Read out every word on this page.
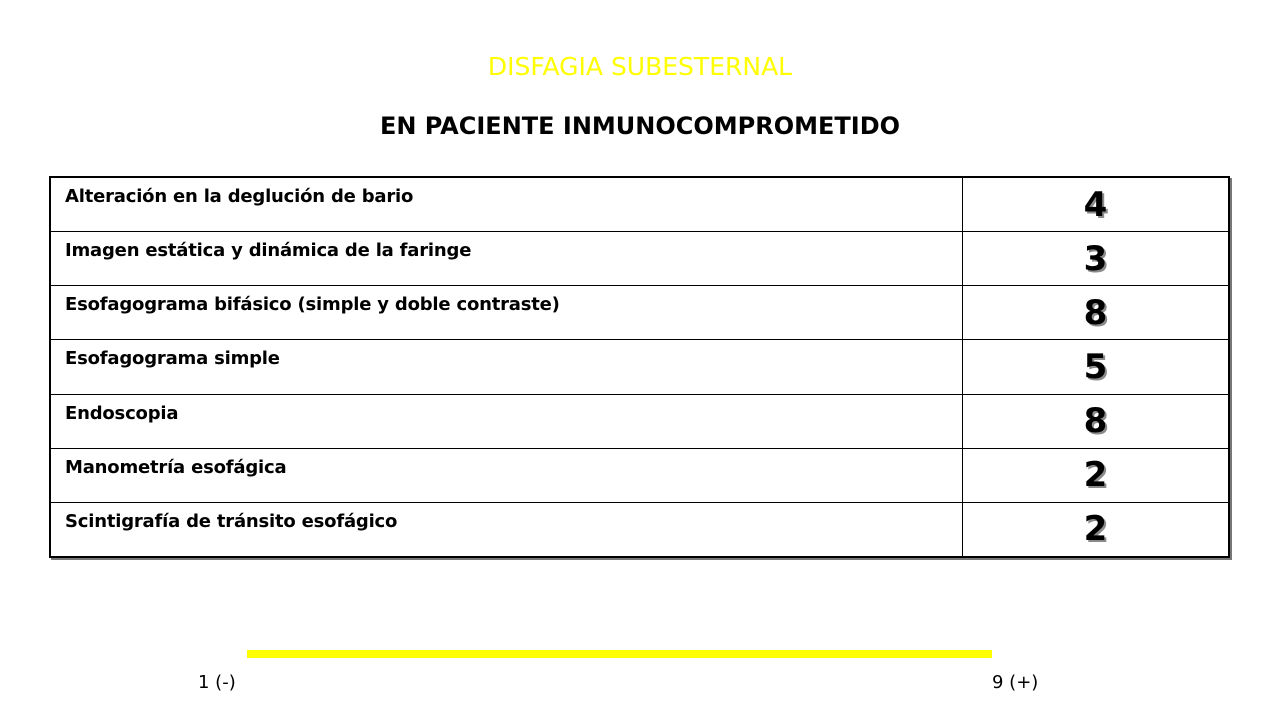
DISFAGIA SUBESTERNAL
EN PACIENTE INMUNOCOMPROMETIDO
Alteración en la deglución de bario	4
Imagen estática y dinámica de la faringe	3
Esofagograma bifásico (simple y doble contraste)	8
Esofagograma simple	5
Endoscopia	8
Manometría esofágica	2
Scintigrafía de tránsito esofágico	2
1 (-)	9 (+)
